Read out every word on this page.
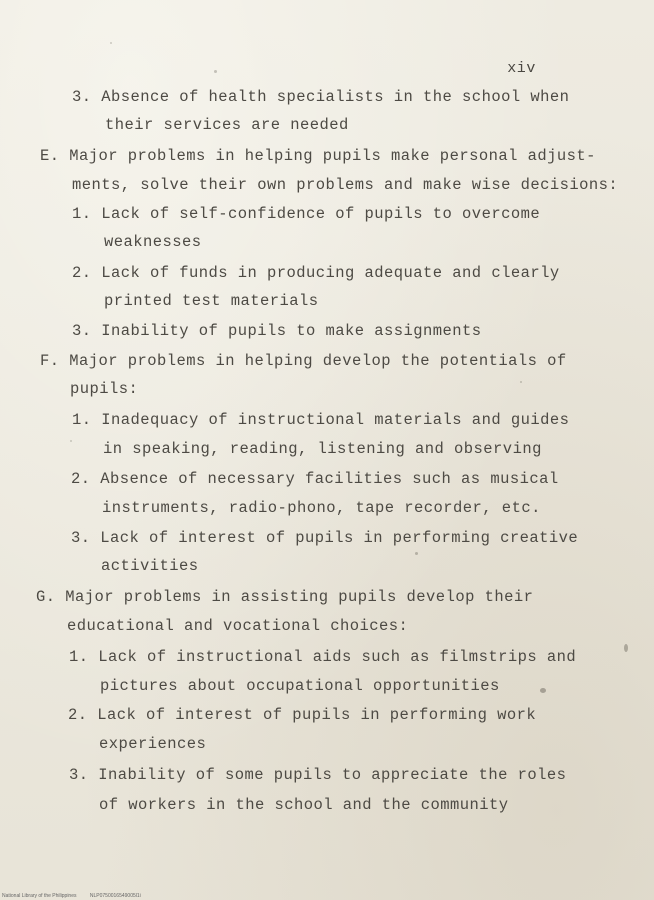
xiv
3. Absence of health specialists in the school when
their services are needed
E. Major problems in helping pupils make personal adjust-
ments, solve their own problems and make wise decisions:
1. Lack of self-confidence of pupils to overcome
weaknesses
2. Lack of funds in producing adequate and clearly
printed test materials
3. Inability of pupils to make assignments
F. Major problems in helping develop the potentials of
pupils:
1. Inadequacy of instructional materials and guides
in speaking, reading, listening and observing
2. Absence of necessary facilities such as musical
instruments, radio-phono, tape recorder, etc.
3. Lack of interest of pupils in performing creative
activities
G. Major problems in assisting pupils develop their
educational and vocational choices:
1. Lack of instructional aids such as filmstrips and
pictures about occupational opportunities
2. Lack of interest of pupils in performing work
experiences
3. Inability of some pupils to appreciate the roles
of workers in the school and the community
National Library of the Philippines	NLP0750016549005l1i
